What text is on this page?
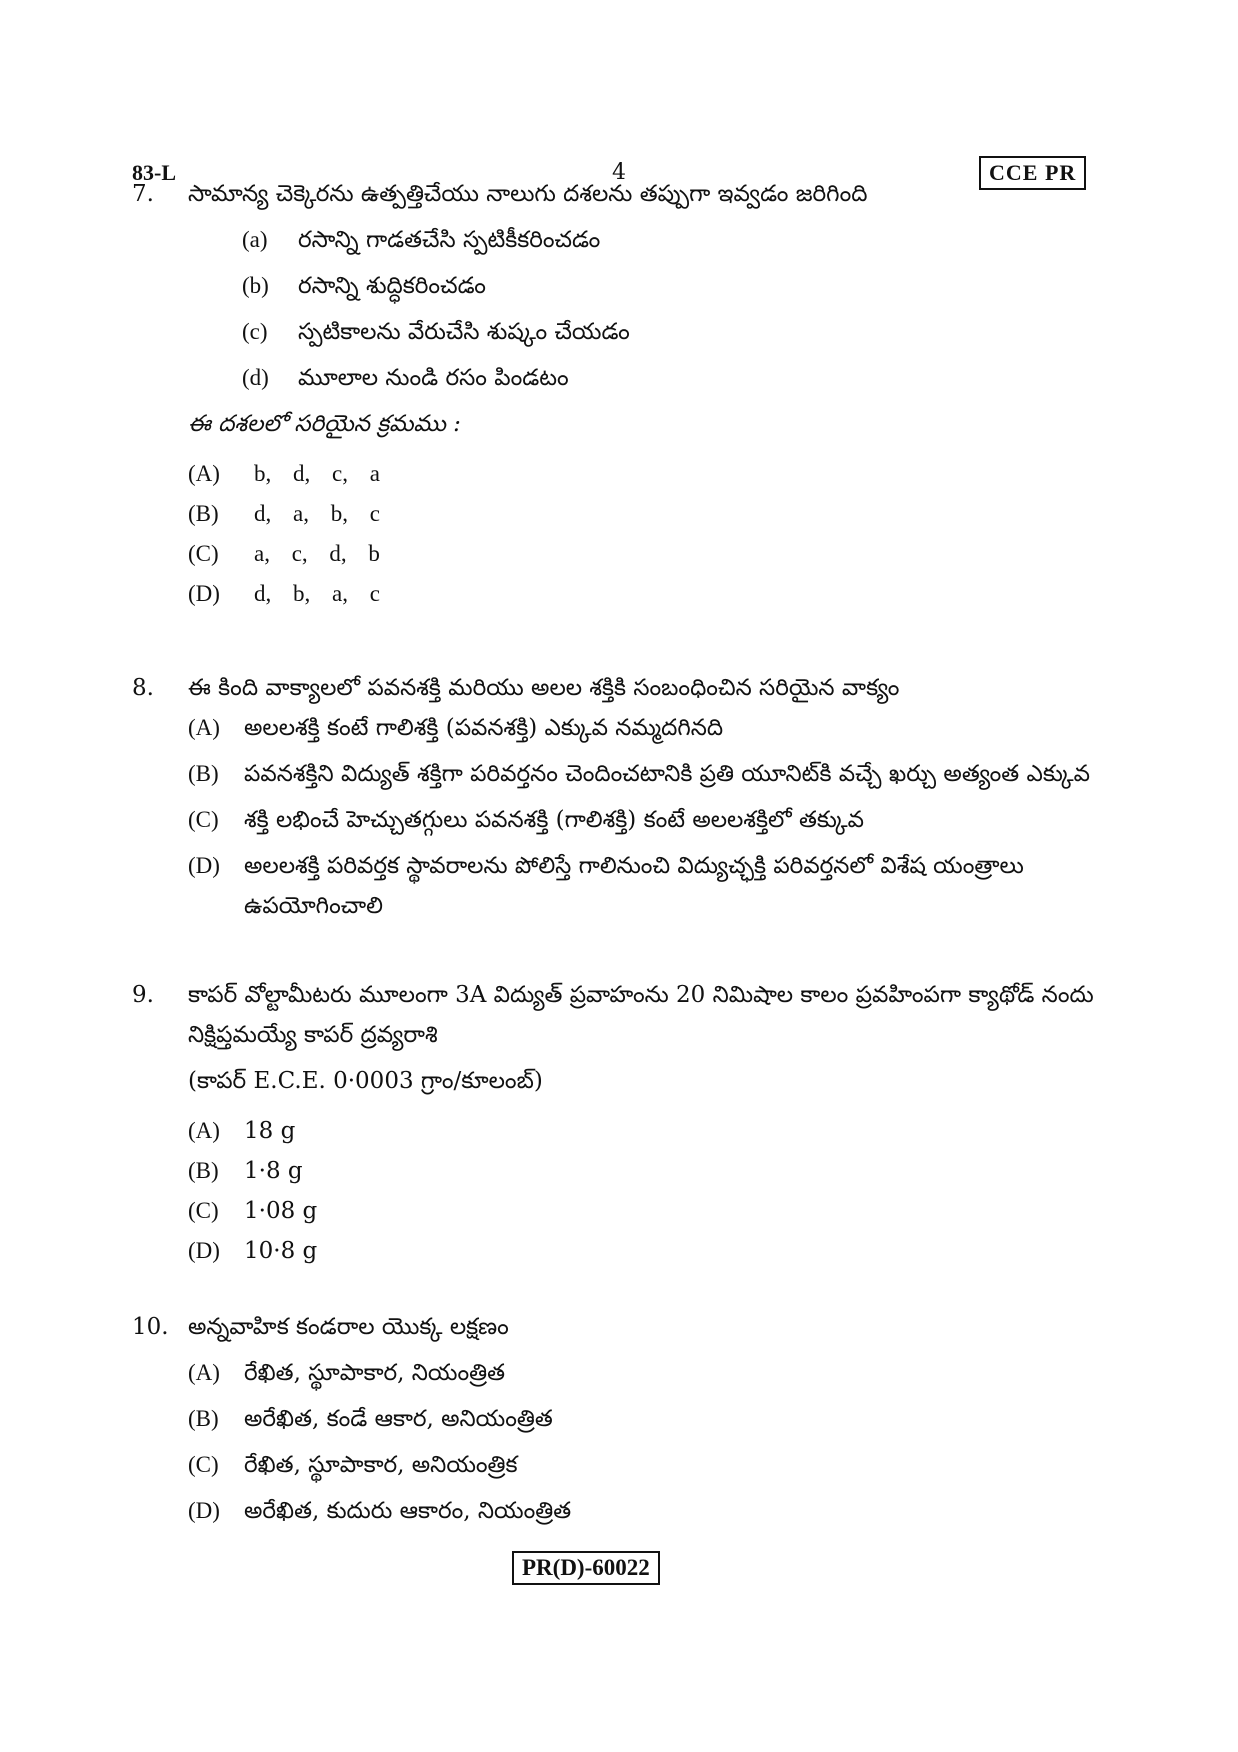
83-L	4	CCE PR
7.	సామాన్య చెక్కెరను ఉత్పత్తిచేయు నాలుగు దశలను తప్పుగా ఇవ్వడం జరిగింది
(a)	రసాన్ని గాడతచేసి స్పటికీకరించడం
(b)	రసాన్ని శుద్ధికరించడం
(c)	స్పటికాలను వేరుచేసి శుష్కం చేయడం
(d)	మూలాల నుండి రసం పిండటం
ఈ దశలలో సరియైన క్రమము :
(A)	b, d, c, a
(B)	d, a, b, c
(C)	a, c, d, b
(D)	d, b, a, c
8.	ఈ కింది వాక్యాలలో పవనశక్తి మరియు అలల శక్తికి సంబంధించిన సరియైన వాక్యం
(A)	అలలశక్తి కంటే గాలిశక్తి (పవనశక్తి) ఎక్కువ నమ్మదగినది
(B)	పవనశక్తిని విద్యుత్ శక్తిగా పరివర్తనం చెందించటానికి ప్రతి యూనిట్‌కి వచ్చే ఖర్చు అత్యంత ఎక్కువ
(C)	శక్తి లభించే హెచ్చుతగ్గులు పవనశక్తి (గాలిశక్తి) కంటే అలలశక్తిలో తక్కువ
(D)	అలలశక్తి పరివర్తక స్థావరాలను పోలిస్తే గాలినుంచి విద్యుచ్ఛక్తి పరివర్తనలో విశేష యంత్రాలు ఉపయోగించాలి
9.	కాపర్ వోల్టామీటరు మూలంగా 3A విద్యుత్ ప్రవాహంను 20 నిమిషాల కాలం ప్రవహింపగా క్యాథోడ్ నందు నిక్షిప్తమయ్యే కాపర్ ద్రవ్యరాశి
(కాపర్ E.C.E. 0·0003 గ్రాం/కూలంబ్)
(A)	18 g
(B)	1·8 g
(C)	1·08 g
(D)	10·8 g
10. అన్నవాహిక కండరాల యొక్క లక్షణం
(A)	రేఖిత, స్థూపాకార, నియంత్రిత
(B)	అరేఖిత, కండే ఆకార, అనియంత్రిత
(C)	రేఖిత, స్థూపాకార, అనియంత్రిక
(D)	అరేఖిత, కుదురు ఆకారం, నియంత్రిత
PR(D)-60022
